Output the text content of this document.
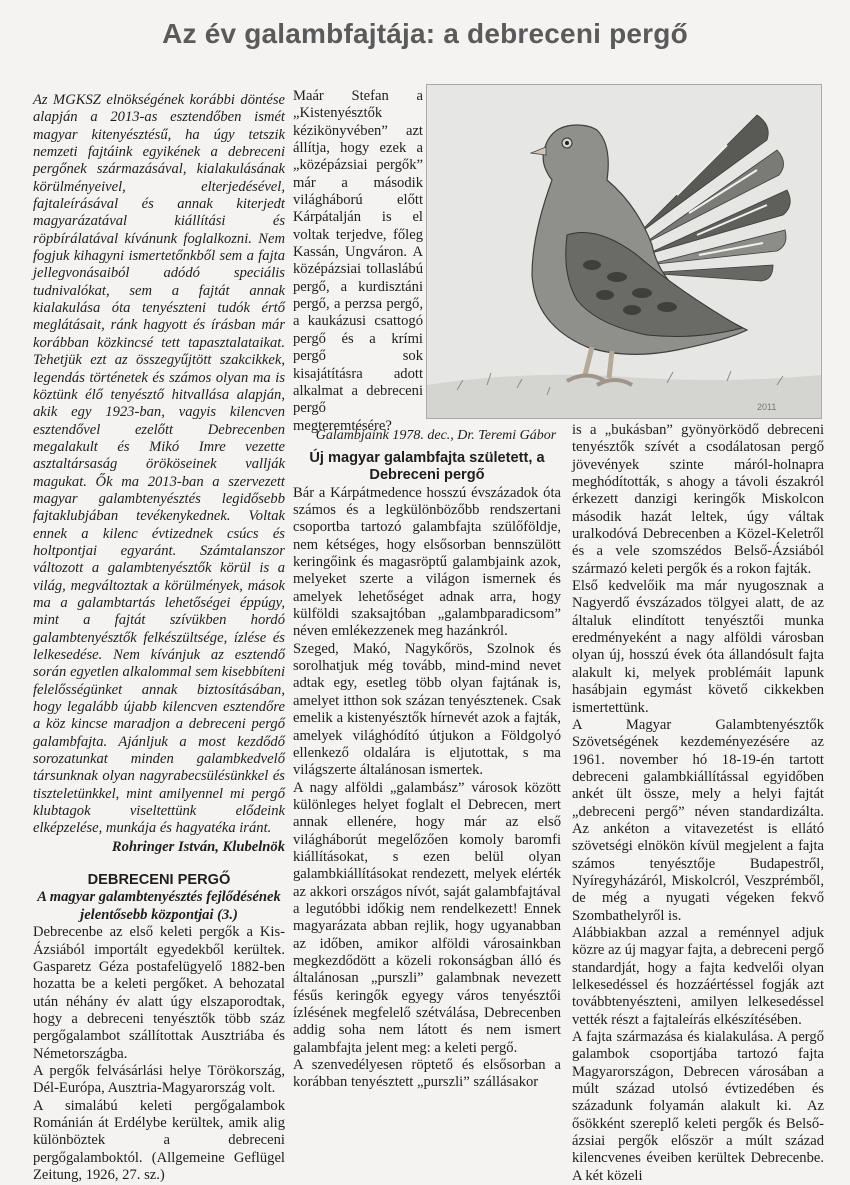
Az év galambfajtája: a debreceni pergő

Az MGKSZ elnökségének korábbi döntése alapján a 2013-as esztendőben ismét magyar kitenyésztésű, ha úgy tetszik nemzeti fajtáink egyikének a debreceni pergőnek származásával, kialakulásának körülményeivel, elterjedésével, fajtaleírásával és annak kiterjedt magyarázatával kiállítási és röpbírálatával kívánunk foglalkozni. Nem fogjuk kihagyni ismertetőnkből sem a fajta jellegvonásaiból adódó speciális tudnivalókat, sem a fajtát annak kialakulása óta tenyészteni tudók értő meglátásait, ránk hagyott és írásban már korábban közkincsé tett tapasztalataikat. Tehetjük ezt az összegyűjtött szakcikkek, legendás történetek és számos olyan ma is köztünk élő tenyésztő hitvallása alapján, akik egy 1923-ban, vagyis kilencven esztendővel ezelőtt Debrecenben megalakult és Mikó Imre vezette asztaltársaság örököseinek vallják magukat. Ők ma 2013-ban a szervezett magyar galambtenyésztés legidősebb fajtaklubjában tevékenykednek. Voltak ennek a kilenc évtizednek csúcs és holtpontjai egyaránt. Számtalanszor változott a galambtenyésztők körül is a világ, megváltoztak a körülmények, mások ma a galambtartás lehetőségei éppúgy, mint a fajtát szívükben hordó galambtenyésztők felkészültsége, ízlése és lelkesedése. Nem kívánjuk az esztendő során egyetlen alkalommal sem kisebbíteni felelősségünket annak biztosításában, hogy legalább újabb kilencven esztendőre a köz kincse maradjon a debreceni pergő galambfajta. Ajánljuk a most kezdődő sorozatunkat minden galambkedvelő társunknak olyan nagyrabecsülésünkkel és tiszteletünkkel, mint amilyennel mi pergő klubtagok viseltettünk elődeink elképzelése, munkája és hagyatéka iránt.

Rohringer István, Klubelnök

DEBRECENI PERGŐ
A magyar galambtenyésztés fejlődésének jelentősebb központjai (3.)

Debrecenbe az első keleti pergők a Kis-Ázsiából importált egyedekből kerültek. Gasparetz Géza postafelügyelő 1882-ben hozatta be a keleti pergőket. A behozatal után néhány év alatt úgy elszaporodtak, hogy a debreceni tenyésztők több száz pergőgalambot szállítottak Ausztriába és Németországba.

A pergők felvásárlási helye Törökország, Dél-Európa, Ausztria-Magyarország volt.

A simalábú keleti pergőgalambok Románián át Erdélybe kerültek, amik alig különböztek a debreceni pergőgalamboktól. (Allgemeine Geflügel Zeitung, 1926, 27. sz.)

Maár Stefan a „Kistenyésztők kézikönyvében” azt állítja, hogy ezek a „középázsiai pergők” már a második világháború előtt Kárpátalján is el voltak terjedve, főleg Kassán, Ungváron. A középázsiai tollaslábú pergő, a kurdisztáni pergő, a perzsa pergő, a kaukázusi csattogó pergő és a krími pergő sok kisajátításra adott alkalmat a debreceni pergő megteremtésére?

2011
Galambjaink 1978. dec., Dr. Teremi Gábor
Új magyar galambfajta született, a Debreceni pergő

Bár a Kárpátmedence hosszú évszázadok óta számos és a legkülönbözőbb rendszertani csoportba tartozó galambfajta szülőföldje, nem kétséges, hogy elsősorban bennszülött keringőink és magasröptű galambjaink azok, melyeket szerte a világon ismernek és amelyek lehetőséget adnak arra, hogy külföldi szaksajtóban „galambparadicsom” néven emlékezzenek meg hazánkról.

Szeged, Makó, Nagykőrös, Szolnok és sorolhatjuk még tovább, mind-mind nevet adtak egy, esetleg több olyan fajtának is, amelyet itthon sok százan tenyésztenek. Csak emelik a kistenyésztők hírnevét azok a fajták, amelyek világhódító útjukon a Földgolyó ellenkező oldalára is eljutottak, s ma világszerte általánosan ismertek.

A nagy alföldi „galambász” városok között különleges helyet foglalt el Debrecen, mert annak ellenére, hogy már az első világháborút megelőzően komoly baromfi kiállításokat, s ezen belül olyan galambkiállításokat rendezett, melyek elérték az akkori országos nívót, saját galambfajtával a legutóbbi időkig nem rendelkezett! Ennek magyarázata abban rejlik, hogy ugyanabban az időben, amikor alföldi városainkban megkezdődött a közeli rokonságban álló és általánosan „purszli” galambnak nevezett fésűs keringők egyegy város tenyésztői ízlésének megfelelő szétválása, Debrecenben addig soha nem látott és nem ismert galambfajta jelent meg: a keleti pergő.

A szenvedélyesen röptető és elsősorban a korábban tenyésztett „purszli” szállásakor

is a „bukásban” gyönyörködő debreceni tenyésztők szívét a csodálatosan pergő jövevények szinte máról-holnapra meghódították, s ahogy a távoli északról érkezett danzigi keringők Miskolcon második hazát leltek, úgy váltak uralkodóvá Debrecenben a Közel-Keletről és a vele szomszédos Belső-Ázsiából származó keleti pergők és a rokon fajták.

Első kedvelőik ma már nyugosznak a Nagyerdő évszázados tölgyei alatt, de az általuk elindított tenyésztői munka eredményeként a nagy alföldi városban olyan új, hosszú évek óta állandósult fajta alakult ki, melyek problémáit lapunk hasábjain egymást követő cikkekben ismertettünk.

A Magyar Galambtenyésztők Szövetségének kezdeményezésére az 1961. november hó 18-19-én tartott debreceni galambkiállítással egyidőben ankét ült össze, mely a helyi fajtát „debreceni pergő” néven standardizálta. Az ankéton a vitavezetést is ellátó szövetségi elnökön kívül megjelent a fajta számos tenyésztője Budapestről, Nyíregyházáról, Miskolcról, Veszprémből, de még a nyugati végeken fekvő Szombathelyről is.

Alábbiakban azzal a reménnyel adjuk közre az új magyar fajta, a debreceni pergő standardját, hogy a fajta kedvelői olyan lelkesedéssel és hozzáértéssel fogják azt továbbtenyészteni, amilyen lelkesedéssel vették részt a fajtaleírás elkészítésében.

A fajta származása és kialakulása. A pergő galambok csoportjába tartozó fajta Magyarországon, Debrecen városában a múlt század utolsó évtizedében és századunk folyamán alakult ki. Az ősökként szereplő keleti pergők és Belső-ázsiai pergők először a múlt század kilencvenes éveiben kerültek Debrecenbe. A két közeli
